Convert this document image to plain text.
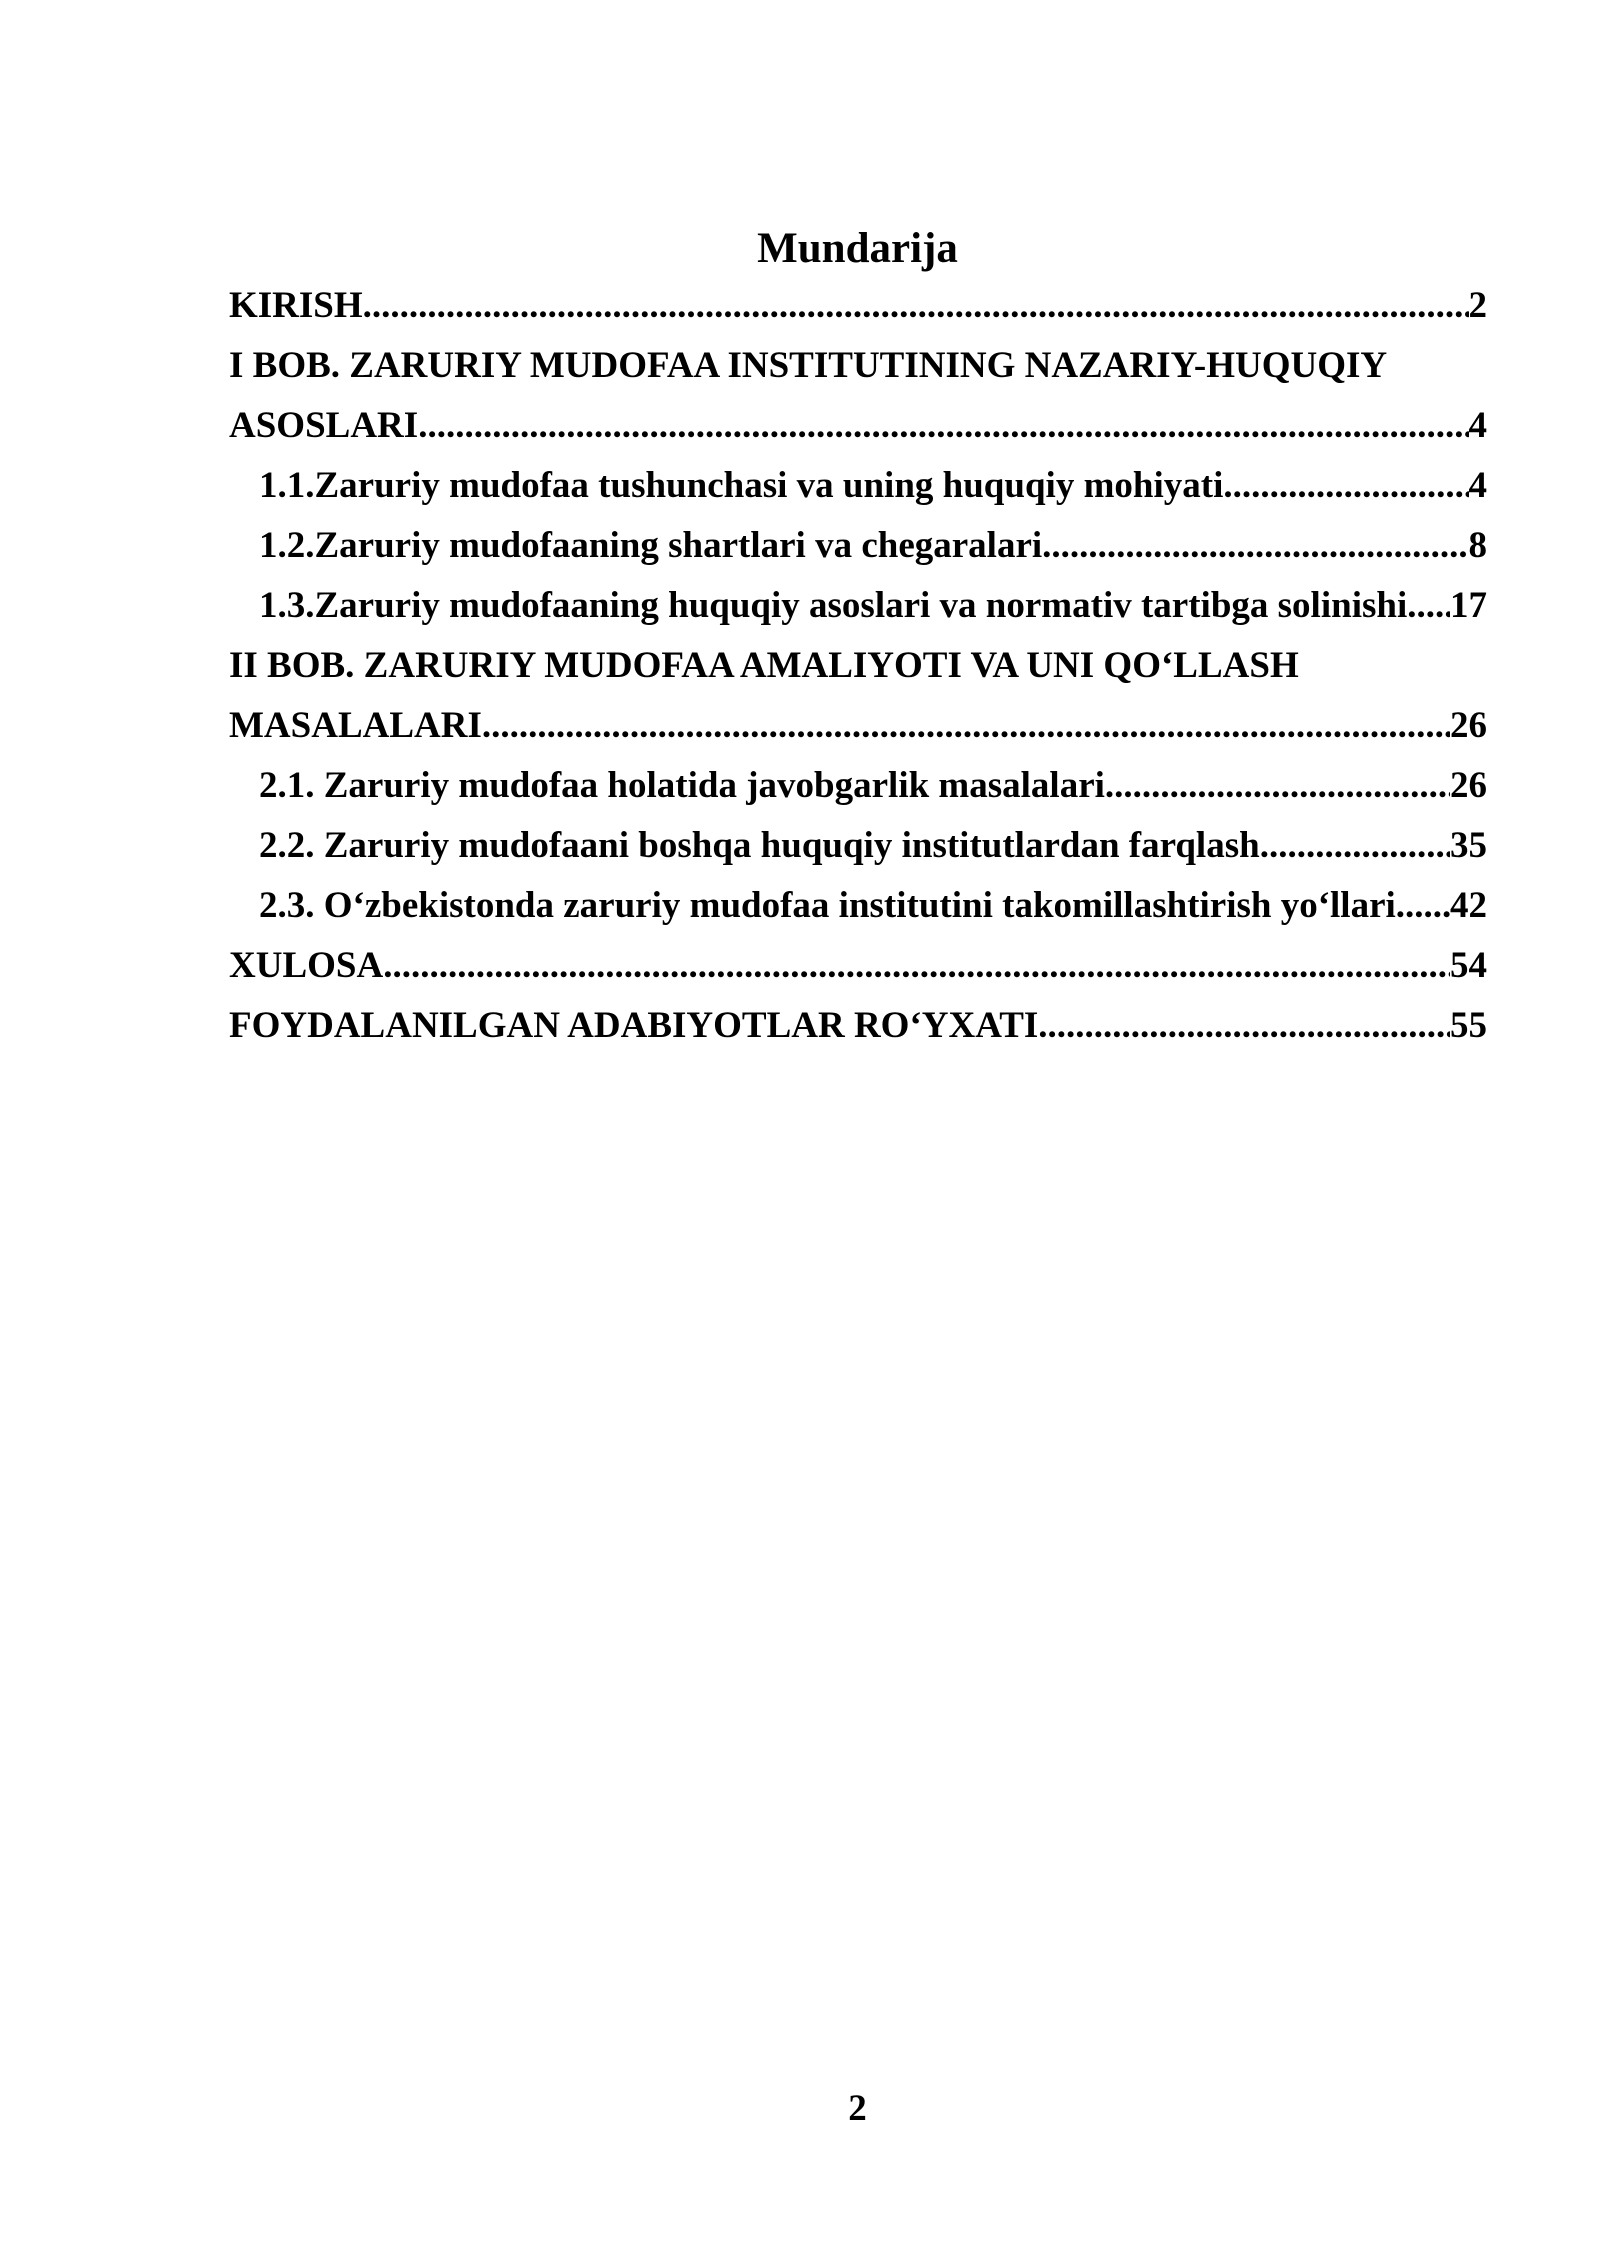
Mundarija
KIRISH .....	2
I BOB. ZARURIY MUDOFAA INSTITUTINING NAZARIY-HUQUQIY
ASOSLARI .....	4
1.1.Zaruriy mudofaa tushunchasi va uning huquqiy mohiyati .....	4
1.2.Zaruriy mudofaaning shartlari va chegaralari .....	8
1.3.Zaruriy mudofaaning huquqiy asoslari va normativ tartibga solinishi ..... 17
II BOB. ZARURIY MUDOFAA AMALIYOTI VA UNI QO‘LLASH
MASALALARI .....	26
2.1. Zaruriy mudofaa holatida javobgarlik masalalari .....	26
2.2. Zaruriy mudofaani boshqa huquqiy institutlardan farqlash .....	35
2.3. O‘zbekistonda zaruriy mudofaa institutini takomillashtirish yo‘llari ..... 42
XULOSA .....	54
FOYDALANILGAN ADABIYOTLAR RO‘YXATI .....	55
2
